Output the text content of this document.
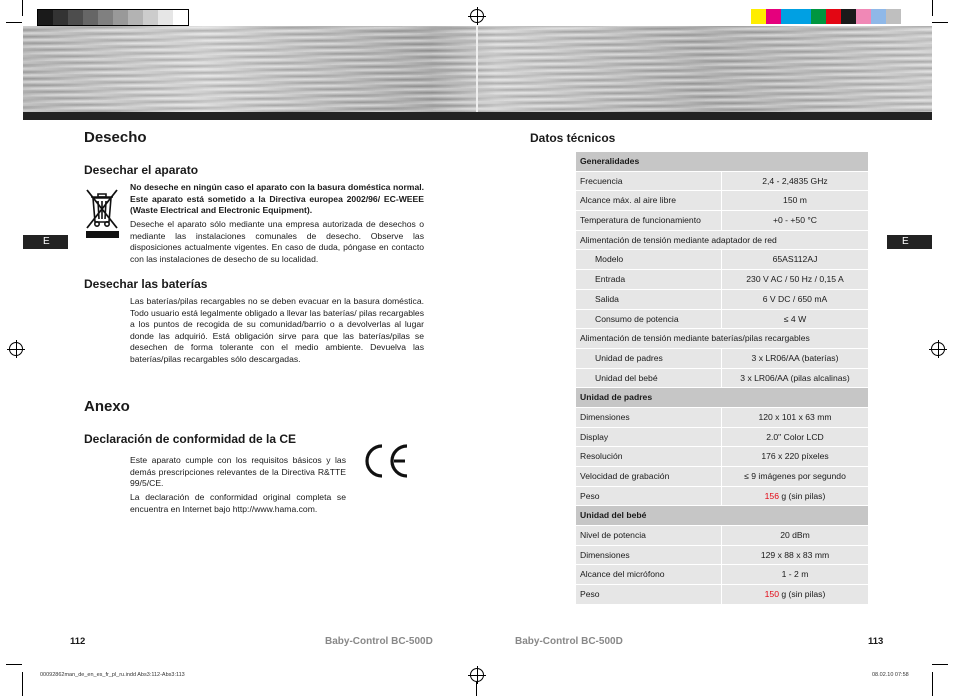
E	E
Desecho
Desechar el aparato
No deseche en ningún caso el aparato con la basura doméstica normal. Este aparato está sometido a la Directiva europea 2002/96/ EC-WEEE (Waste Electrical and Electronic Equipment).
Deseche el aparato sólo mediante una empresa autorizada de desechos o mediante las instalaciones comunales de desecho. Observe las disposiciones actualmente vigentes. En caso de duda, póngase en contacto con las instalaciones de desecho de su localidad.
Desechar las baterías
Las baterías/pilas recargables no se deben evacuar en la basura doméstica. Todo usuario está legalmente obligado a llevar las baterías/ pilas recargables a los puntos de recogida de su comunidad/barrio o a devolverlas al lugar donde las adquirió. Está obligación sirve para que las baterías/pilas se desechen de forma tolerante con el medio ambiente. Devuelva las baterías/pilas recargables sólo descargadas.
Anexo
Declaración de conformidad de la CE
Este aparato cumple con los requisitos básicos y las demás prescripciones relevantes de la Directiva R&TTE 99/5/CE.
La declaración de conformidad original completa se encuentra en Internet bajo http://www.hama.com.
112	Baby-Control BC-500D
Datos técnicos
Generalidades
Frecuencia	2,4 - 2,4835 GHz
Alcance máx. al aire libre	150 m
Temperatura de funcionamiento	+0 - +50 °C
Alimentación de tensión mediante adaptador de red
Modelo	65AS112AJ
Entrada	230 V AC / 50 Hz / 0,15 A
Salida	6 V DC / 650 mA
Consumo de potencia	≤ 4 W
Alimentación de tensión mediante baterías/pilas recargables
Unidad de padres	3 x LR06/AA (baterías)
Unidad del bebé	3 x LR06/AA (pilas alcalinas)
Unidad de padres
Dimensiones	120 x 101 x 63 mm
Display	2.0" Color LCD
Resolución	176 x 220 píxeles
Velocidad de grabación	≤ 9 imágenes por segundo
Peso	156 g (sin pilas)
Unidad del bebé
Nivel de potencia	20 dBm
Dimensiones	129 x 88 x 83 mm
Alcance del micrófono	1 - 2 m
Peso	150 g (sin pilas)
Baby-Control BC-500D	113
00092862man_de_en_es_fr_pl_ru.indd Abs3:112-Abs3:113	08.02.10 07:58
